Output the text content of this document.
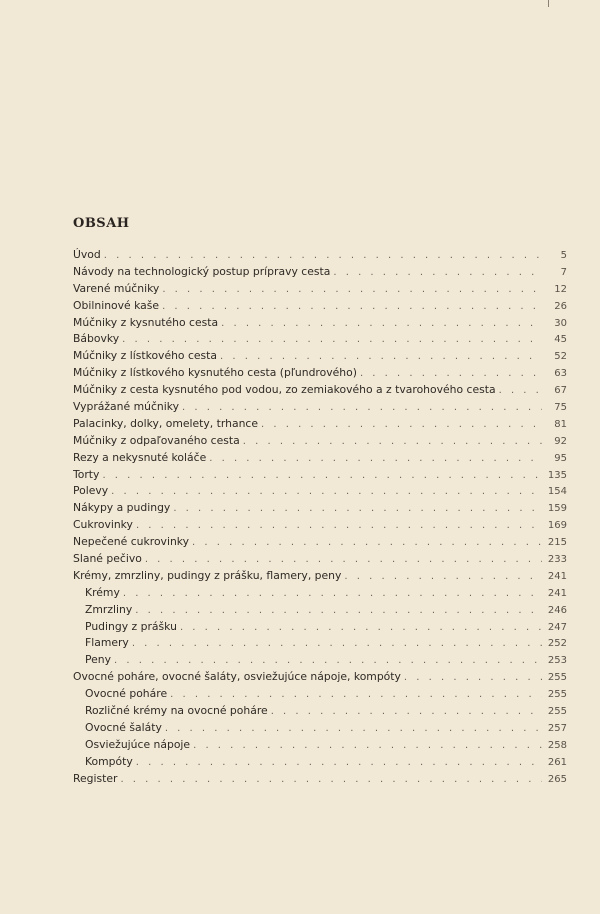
OBSAH
Úvod . . .	5
Návody na technologický postup prípravy cesta . . .	7
Varené múčniky . . .	12
Obilninové kaše . . .	26
Múčniky z kysnutého cesta . . .	30
Bábovky . . .	45
Múčniky z lístkového cesta . . .	52
Múčniky z lístkového kysnutého cesta (pľundrového) . . .	63
Múčniky z cesta kysnutého pod vodou, zo zemiakového a z tvarohového cesta . . .	67
Vyprážané múčniky . . .	75
Palacinky, dolky, omelety, trhance . . .	81
Múčniky z odpaľovaného cesta . . .	92
Rezy a nekysnuté koláče . . .	95
Torty . . .	135
Polevy . . .	154
Nákypy a pudingy . . .	159
Cukrovinky . . .	169
Nepečené cukrovinky . . .	215
Slané pečivo . . .	233
Krémy, zmrzliny, pudingy z prášku, flamery, peny . . .	241
Krémy . . .	241
Zmrzliny . . .	246
Pudingy z prášku . . .	247
Flamery . . .	252
Peny . . .	253
Ovocné poháre, ovocné šaláty, osviežujúce nápoje, kompóty . . .	255
Ovocné poháre . . .	255
Rozličné krémy na ovocné poháre . . .	255
Ovocné šaláty . . .	257
Osviežujúce nápoje . . .	258
Kompóty . . .	261
Register . . .	265
